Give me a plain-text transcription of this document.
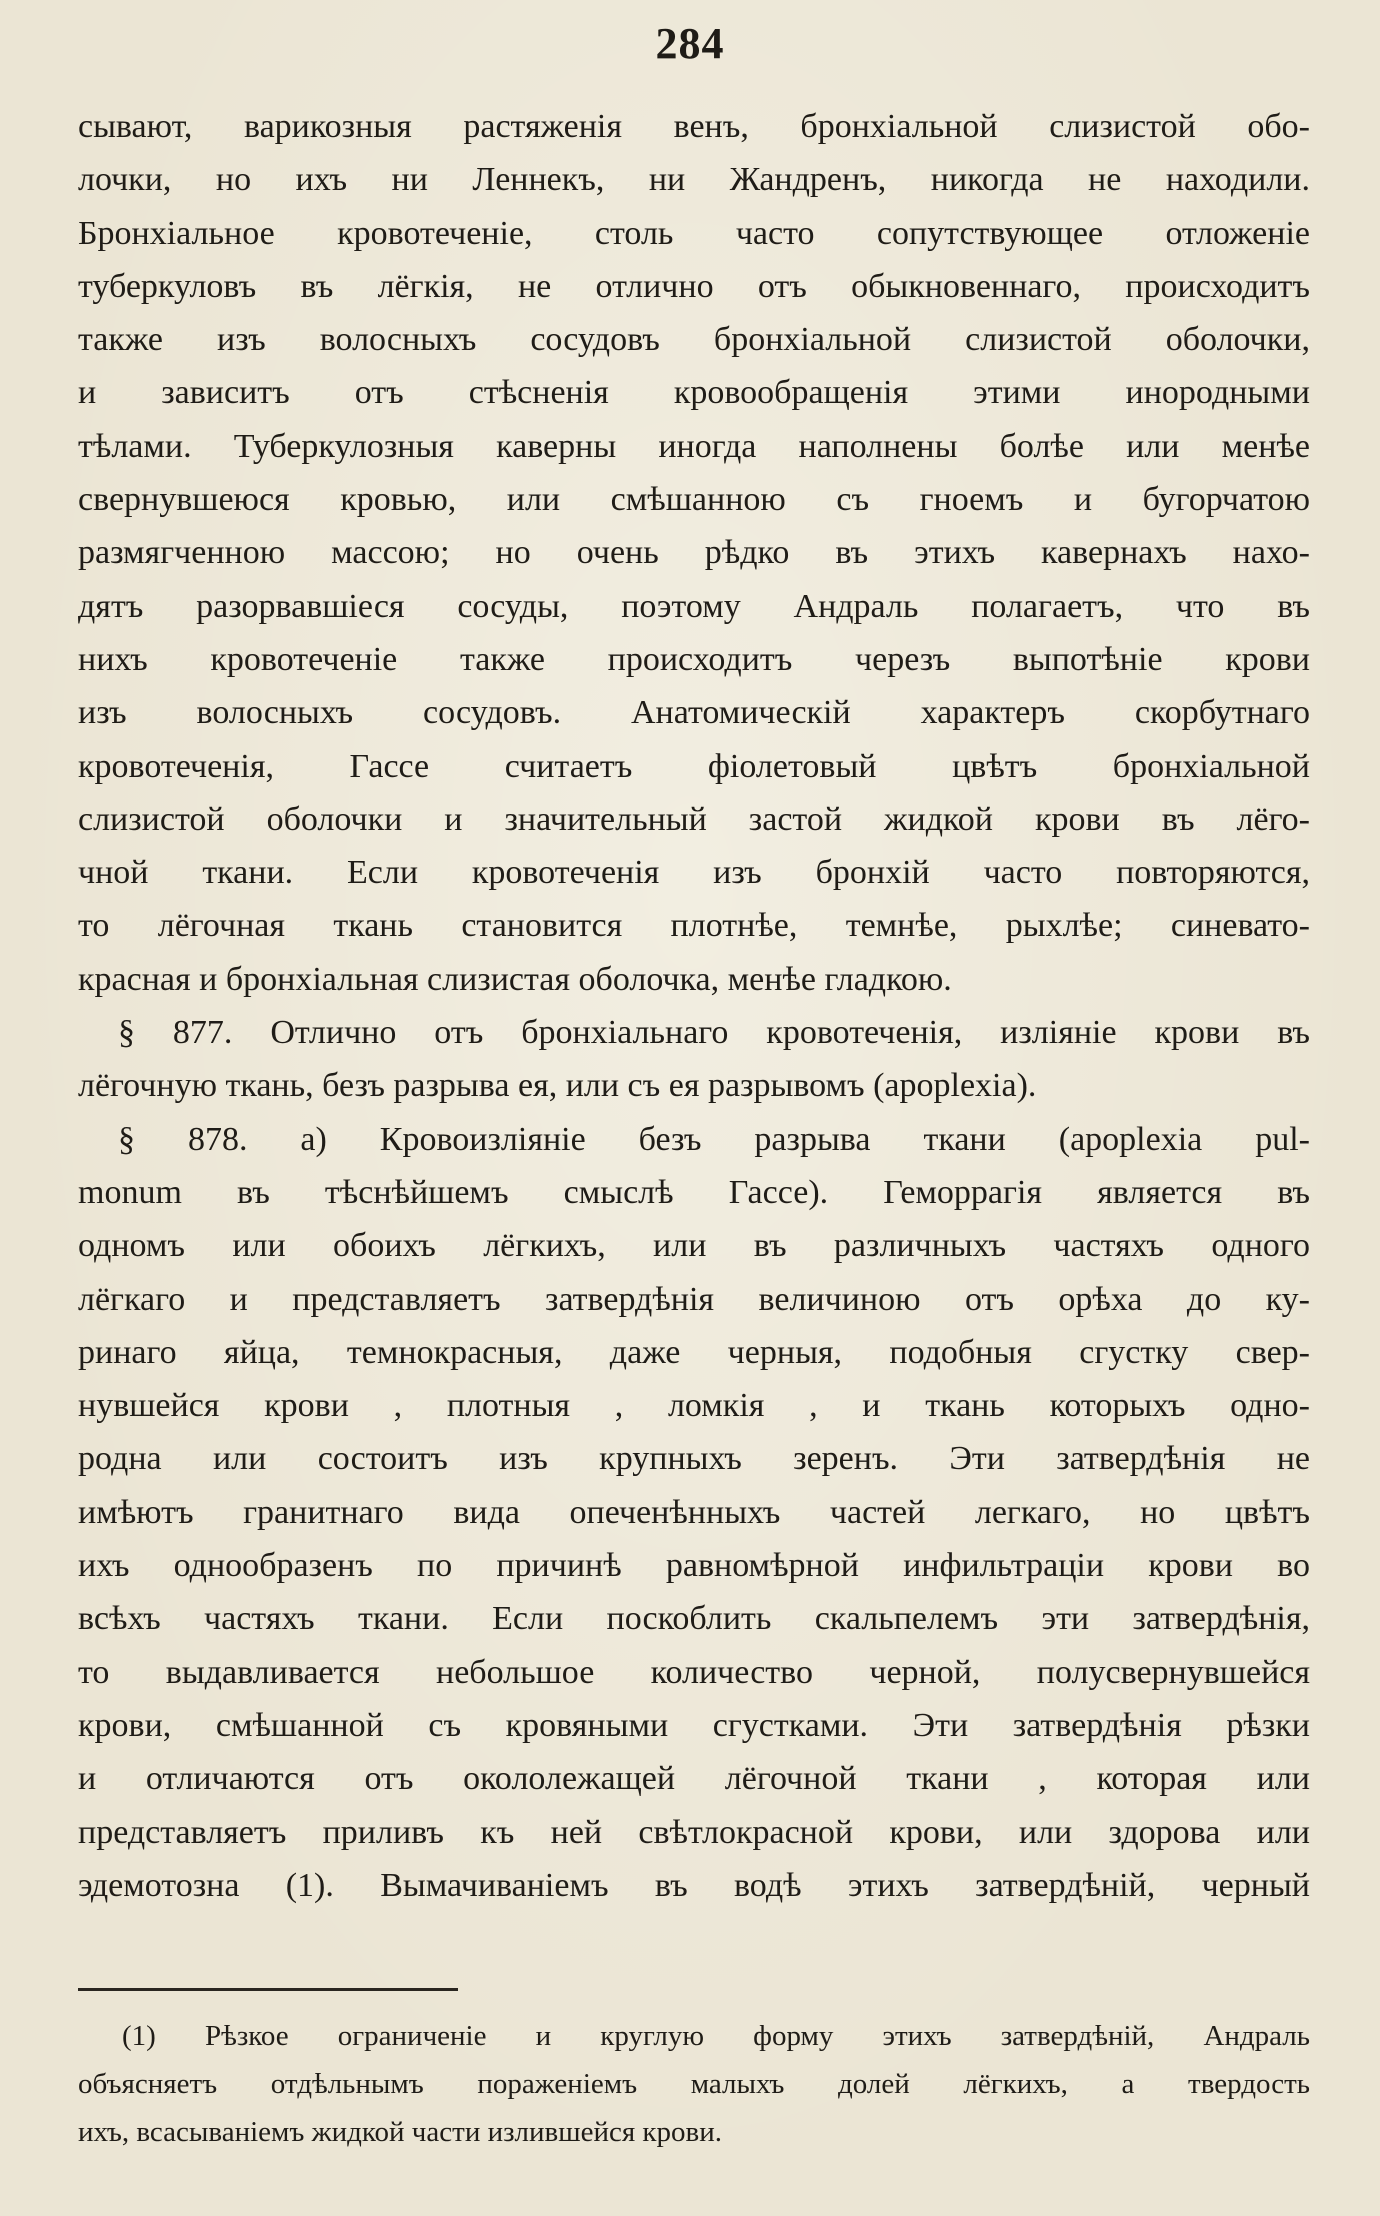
284
сывают, варикозныя растяженія венъ, бронхіальной слизистой обо-
лочки, но ихъ ни Леннекъ, ни Жандренъ, никогда не находили.
Бронхіальное кровотеченіе, столь часто сопутствующее отложеніе
туберкуловъ въ лёгкія, не отлично отъ обыкновеннаго, происходитъ
также изъ волосныхъ сосудовъ бронхіальной слизистой оболочки,
и зависитъ отъ стѣсненія кровообращенія этими инородными
тѣлами. Туберкулозныя каверны иногда наполнены болѣе или менѣе
свернувшеюся кровью, или смѣшанною съ гноемъ и бугорчатою
размягченною массою; но очень рѣдко въ этихъ кавернахъ нахо-
дятъ разорвавшіеся сосуды, поэтому Андраль полагаетъ, что въ
нихъ кровотеченіе также происходитъ черезъ выпотѣніе крови
изъ волосныхъ сосудовъ. Анатомическій характеръ скорбутнаго
кровотеченія, Гассе считаетъ фіолетовый цвѣтъ бронхіальной
слизистой оболочки и значительный застой жидкой крови въ лёго-
чной ткани. Если кровотеченія изъ бронхій часто повторяются,
то лёгочная ткань становится плотнѣе, темнѣе, рыхлѣе; синевато-
красная и бронхіальная слизистая оболочка, менѣе гладкою.
§ 877. Отлично отъ бронхіальнаго кровотеченія, изліяніе крови въ
лёгочную ткань, безъ разрыва ея, или съ ея разрывомъ (apoplexia).
§ 878. a) Кровоизліяніе безъ разрыва ткани (apoplexia pul-
monum въ тѣснѣйшемъ смыслѣ Гассе). Геморрагія является въ
одномъ или обоихъ лёгкихъ, или въ различныхъ частяхъ одного
лёгкаго и представляетъ затвердѣнія величиною отъ орѣха до ку-
ринаго яйца, темнокрасныя, даже черныя, подобныя сгустку свер-
нувшейся крови , плотныя , ломкія , и ткань которыхъ одно-
родна или состоитъ изъ крупныхъ зеренъ. Эти затвердѣнія не
имѣютъ гранитнаго вида опеченѣнныхъ частей легкаго, но цвѣтъ
ихъ однообразенъ по причинѣ равномѣрной инфильтраціи крови во
всѣхъ частяхъ ткани. Если поскоблить скальпелемъ эти затвердѣнія,
то выдавливается небольшое количество черной, полусвернувшейся
крови, смѣшанной съ кровяными сгустками. Эти затвердѣнія рѣзки
и отличаются отъ окололежащей лёгочной ткани , которая или
представляетъ приливъ къ ней свѣтлокрасной крови, или здорова или
эдемотозна (1). Вымачиваніемъ въ водѣ этихъ затвердѣній, черный
(1) Рѣзкое ограниченіе и круглую форму этихъ затвердѣній, Андраль
объясняетъ отдѣльнымъ пораженіемъ малыхъ долей лёгкихъ, а твердость
ихъ, всасываніемъ жидкой части излившейся крови.
